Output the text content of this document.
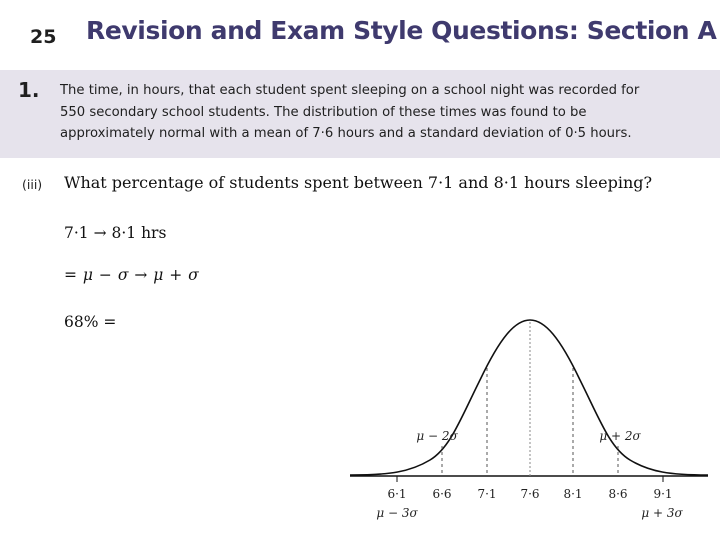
25 Revision and Exam Style Questions: Section A
1. The time, in hours, that each student spent sleeping on a school night was recorded for
550 secondary school students. The distribution of these times was found to be
approximately normal with a mean of 7·6 hours and a standard deviation of 0·5 hours.
(iii) What percentage of students spent between 7·1 and 8·1 hours sleeping?
7·1 → 8·1 hrs
= μ − σ → μ + σ
68% =
6·1 6·6 7·1 7·6 8·1 8·6 9·1
μ − 2σ	μ + 2σ
μ − 3σ	μ + 3σ
